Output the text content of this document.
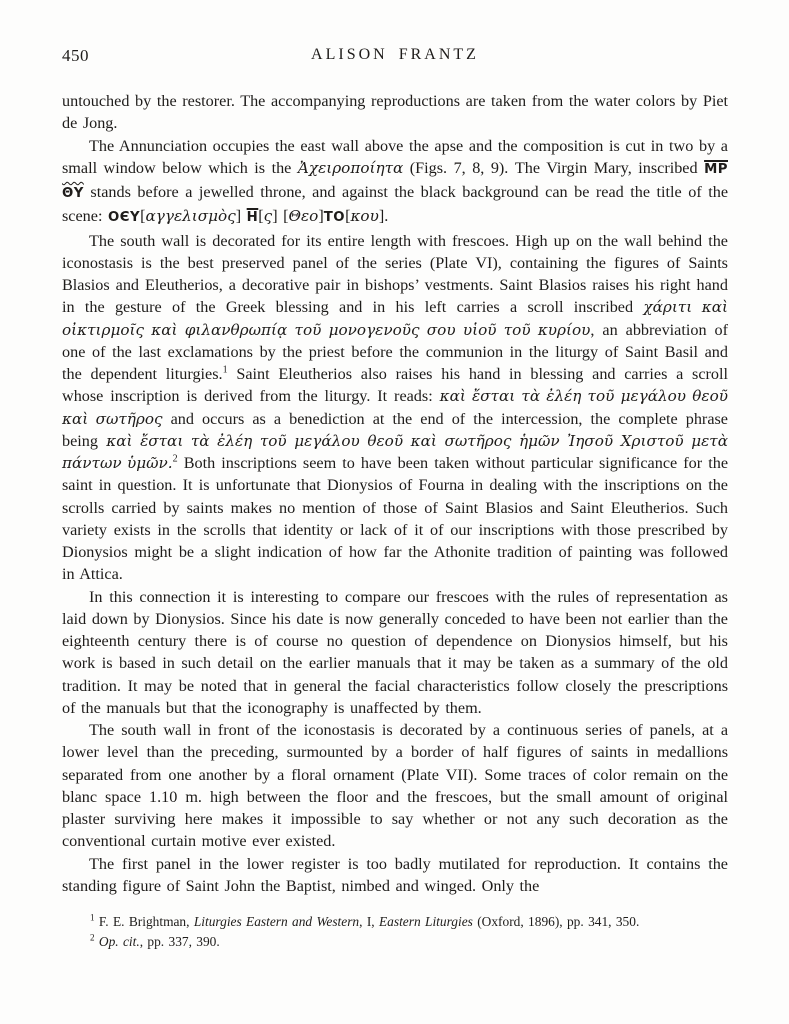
450	ALISON FRANTZ

untouched by the restorer. The accompanying reproductions are taken from the water colors by Piet de Jong.

The Annunciation occupies the east wall above the apse and the composition is cut in two by a small window below which is the Ἀχειροποίητα (Figs. 7, 8, 9). The Virgin Mary, inscribed $\overline{MP}$ ΘΥ stands before a jewelled throne, and against the black background can be read the title of the scene: ΟЄΥ[αγγελισμὸς] $\overline{H}[\varsigma]$ [Θεο]ΤΟ[κου].

The south wall is decorated for its entire length with frescoes. High up on the wall behind the iconostasis is the best preserved panel of the series (Plate VI), containing the figures of Saints Blasios and Eleutherios, a decorative pair in bishops’ vestments. Saint Blasios raises his right hand in the gesture of the Greek blessing and in his left carries a scroll inscribed χάριτι καὶ οἰκτιρμοῖς καὶ φιλανθρωπίᾳ τοῦ μονογενοῦς σου υἱοῦ τοῦ κυρίου, an abbreviation of one of the last exclamations by the priest before the communion in the liturgy of Saint Basil and the dependent liturgies.$^1$ Saint Eleutherios also raises his hand in blessing and carries a scroll whose inscription is derived from the liturgy. It reads: καὶ ἔσται τὰ ἐλέη τοῦ μεγάλου θεοῦ καὶ σωτῆρος and occurs as a benediction at the end of the intercession, the complete phrase being καὶ ἔσται τὰ ἐλέη τοῦ μεγάλου θεοῦ καὶ σωτῆρος ἡμῶν Ἰησοῦ Χριστοῦ μετὰ πάντων ὑμῶν.$^2$ Both inscriptions seem to have been taken without particular significance for the saint in question. It is unfortunate that Dionysios of Fourna in dealing with the inscriptions on the scrolls carried by saints makes no mention of those of Saint Blasios and Saint Eleutherios. Such variety exists in the scrolls that identity or lack of it of our inscriptions with those prescribed by Dionysios might be a slight indication of how far the Athonite tradition of painting was followed in Attica.

In this connection it is interesting to compare our frescoes with the rules of representation as laid down by Dionysios. Since his date is now generally conceded to have been not earlier than the eighteenth century there is of course no question of dependence on Dionysios himself, but his work is based in such detail on the earlier manuals that it may be taken as a summary of the old tradition. It may be noted that in general the facial characteristics follow closely the prescriptions of the manuals but that the iconography is unaffected by them.

The south wall in front of the iconostasis is decorated by a continuous series of panels, at a lower level than the preceding, surmounted by a border of half figures of saints in medallions separated from one another by a floral ornament (Plate VII). Some traces of color remain on the blanc space 1.10 m. high between the floor and the frescoes, but the small amount of original plaster surviving here makes it impossible to say whether or not any such decoration as the conventional curtain motive ever existed.

The first panel in the lower register is too badly mutilated for reproduction. It contains the standing figure of Saint John the Baptist, nimbed and winged. Only the

$^1$ F. E. Brightman, Liturgies Eastern and Western, I, Eastern Liturgies (Oxford, 1896), pp. 341, 350.

$^2$ Op. cit., pp. 337, 390.
